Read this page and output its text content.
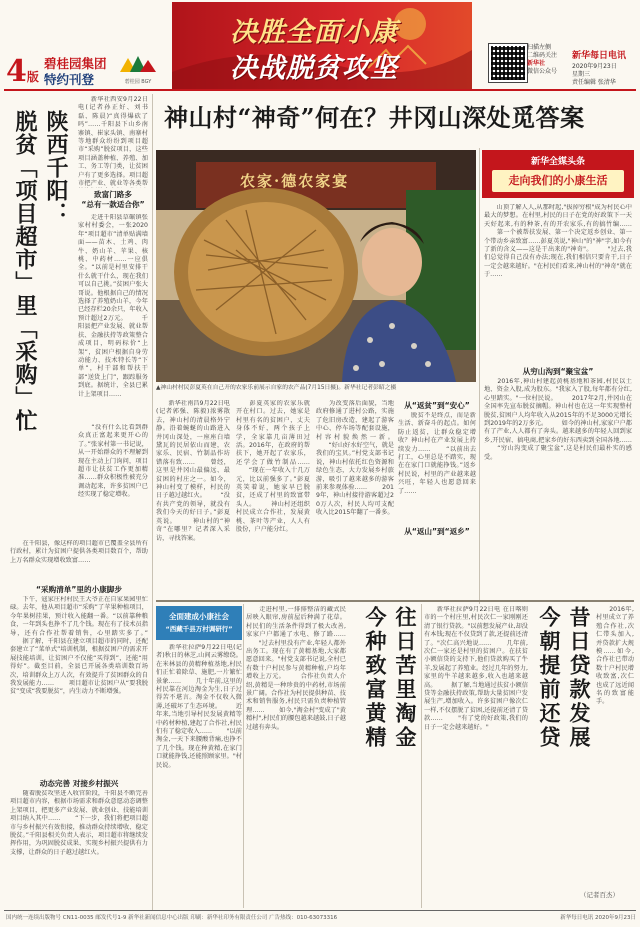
4版
碧桂园集团
特约刊登	碧桂园 BGY
决胜全面小康
决战脱贫攻坚
扫描左侧
二维码关注
新华社
微信公众号
新华每日电讯
2020年9月23日
星期三
责任编辑 张清华
陕西千阳：
脱贫「项目超市」里「采购」忙
　　新华社西安9月22日电(记者孙正好、刘书磊、陈晨)“真得爆砍了吗”……千阳县下山乡南寨镇、崔家头镇、南寨村等地群众纷纷到项目超市“采购”脱贫项目，这些项目涵盖种植、养殖、加工、务工等门类，让贫困户有了更多选择。项目超市把产业、就业等各类帮
致富门路多
“总有一款适合你”
　　走进千阳县草碾镇张家村村委会，一张2020年“项目超市”清单贴满墙面——苗木、土鸡、肉牛、奶山羊、苹果、核桃、中药材……一应俱全。“以前是村里安排干什么就干什么，现在我们可以自己挑。”贫困户张大哥说。他根据自己的情况选择了养殖奶山羊，今年已经存栏20余只，年收入预计超过2万元。 　　千阳县把产业发展、就业帮扶、金融扶持等政策整合成项目，明码标价“上架”，贫困户根据自身劳动能力、技术特长等“下单”，村干部和帮扶干部“送货上门”，跟踪服务到底。据统计，全县已累计上架项目……
　　“没有什么比看到群众真正富起来更开心的了。”张家村第一书记说，从一开始群众的不理解到现在主动上门询问，项目超市让扶贫工作更加精准……群众积极性被充分调动起来，许多贫困户已经实现了稳定增收。
　　在千阳县，像这样的项目超市已覆盖全县所有行政村，累计为贫困户提供各类项目数百个，帮助上万名群众实现增收致富……
“采购清单”里的小康脚步
　　下午，寇家庄村村民王大爷正在自家果园里忙碌。去年，他从项目超市“采购”了苹果种植项目，今年果树挂果，预计收入能翻一番。“以前靠种粮食，一年到头也挣不了几个钱。现在有了技术员指导，还有合作社帮着销售，心里踏实多了。” 　　据了解，千阳县在建立项目超市的同时，还配套建立了“菜单式”培训机制，根据贫困户的需求开展技能培训，让贫困户不仅能“买得到”，还能“用得好”。截至目前，全县已开展各类培训数百场次，培训群众上万人次，有效提升了贫困群众的自我发展能力…… 　　项目超市让贫困户从“要我脱贫”变成“我要脱贫”，内生动力不断增强。
动态完善 对接乡村振兴
　　随着脱贫攻坚进入收官阶段，千阳县不断完善项目超市内容，根据市场需求和群众意愿动态调整上架项目，把更多产业发展、就业创业、技能培训项目纳入其中…… 　　“下一步，我们将把项目超市与乡村振兴有效衔接，推动群众持续增收、稳定脱贫。”千阳县相关负责人表示，项目超市将继续发挥作用，为巩固脱贫成果、实现乡村振兴提供有力支撑，让群众的日子越过越红火。
神山村“神奇”何在？井冈山深处觅答案
农家·德农家宴
▲神山村村民彭夏英在自己开的农家乐前展示自家的农产品(7月15日摄)。新华社记者彭昭之摄
　　新华社南昌9月22日电(记者郭强、陈毅)浓雾散去，神山村的清晨格外宁静。沿着蜿蜒的山路进入井冈山深处，一座座白墙黛瓦的民居依山而建，农家乐、民宿、竹制品作坊错落有致…… 　　曾经，这里是井冈山最偏远、最贫困的村庄之一。如今，神山村变了模样，村民的日子越过越红火。 　　“没有共产党的领导，就没有我们今天的好日子。”彭夏英说。 　　神山村的“神奇”在哪里？记者深入采访，寻找答案。
　　彭夏英家的农家乐就开在村口。过去，她家是村里有名的贫困户，丈夫身体不好，两个孩子上学，全家靠几亩薄田过活。2016年，在政府的帮扶下，她开起了农家乐，还学会了做竹制品…… 　　“现在一年收入十几万元，比以前强多了。”彭夏英笑着说，她家早已脱贫，还成了村里的致富带头人。 　　神山村还组织村民成立合作社，发展黄桃、茶叶等产业，人人有股份，户户能分红。
　　为改变落后面貌，当地政府修通了进村公路，实施了危旧房改造，建起了游客中心、停车场等配套设施，村容村貌焕然一新。 　　“好山好水好空气，就是我们的宝贝。”村党支部书记说，神山村依托红色资源和绿色生态，大力发展乡村旅游，吸引了越来越多的游客前来参观体验…… 　　2019年，神山村接待游客超过20万人次，村民人均可支配收入比2015年翻了一番多。
从“返贫”到“安心”
　　脱贫不是终点，而是新生活、新奋斗的起点。如何防止返贫，让群众稳定增收？神山村在产业发展上持续发力…… 　　“以前出去打工，心里总是不踏实，现在在家门口就能挣钱。”返乡村民说，村里的产业越来越兴旺，年轻人也愿意回来了……
从“返山”到“返乡”
新华全媒头条
走向我们的小康生活
　　山顶了解人人,从那时起,"拔掉穷根"成为村民心中最大的梦想。在村里,村民的日子在党的好政策下一天天好起来,有的种茶,有的开农家乐,有的搞竹编…… 　　第一个被帮扶发展、第一个决定返乡创业、第一个带动乡亲致富……彭夏英说,"神山"的"神"字,如今有了新的含义——这是干出来的"神奇"。 　　"过去,我们总觉得自己没有办法;现在,我们相信只要肯干,日子一定会越来越好。"在村民们看来,神山村的"神奇"就在于……
从穷山沟到“聚宝盆”
　　2016年,神山村建起黄桃基地和茶园,村民以土地、资金入股,成为股东。"我家入了股,每年都有分红,心里踏实。"一位村民说。 　　2017年2月,井冈山在全国率先宣布脱贫摘帽。神山村也在这一年实现整村脱贫,贫困户人均年收入从2015年的不足3000元增长到2019年的2万多元。 　　如今的神山村,家家户户都有了产业,人人都有了奔头。越来越多的年轻人回到家乡,开民宿、搞电商,把家乡的好东西卖到全国各地…… 　　“穷山沟变成了聚宝盆”,这是村民们最朴实的感受。
全面建成小康社会
“西藏千县万村调研行”
　　新华社拉萨9月22日电(记者)秋日的林芝,山间云雾缭绕。在米林县的黄精种植基地,村民们正忙着除草、施肥,一片繁忙景象…… 　　几十年前,这里的村民靠在河边淘金为生,日子过得苦不堪言。淘金不仅收入微薄,还破坏了生态环境。 　　近年来,当地引导村民发展黄精等中药材种植,建起了合作社,村民们有了稳定收入…… 　　"以前淘金,一天下来腰酸背痛,也挣不了几个钱。现在种黄精,在家门口就能挣钱,还能照顾家里。"村民说。
　　走进村里,一排排整洁的藏式民居映入眼帘,房前屋后种满了花草。村民们的生活条件得到了极大改善,家家户户都通了水电、修了路…… 　　"过去村里没有产业,年轻人都外出务工。现在有了黄精基地,大家都愿意回来。"村党支部书记说,全村已有数十户村民参与黄精种植,户均年增收上万元。 　　合作社负责人介绍,黄精是一种珍贵的中药材,市场前景广阔。合作社为村民提供种苗、技术和销售服务,村民只需负责种植管理…… 　　如今,"淘金村"变成了"黄精村",村民们的腰包越来越鼓,日子越过越有奔头。	往日苦里淘金
今种致富黄精	　　新华社拉萨9月22日电 在日喀则市的一个村庄里,村民次仁一家刚刚还清了银行贷款。"以前想发展产业,却没有本钱;现在不仅贷到了款,还提前还清了。"次仁高兴地说…… 　　几年前,次仁一家还是村里的贫困户。在扶贫小额信贷的支持下,他们贷款购买了牛羊,发展起了养殖业。经过几年的努力,家里的牛羊越来越多,收入也越来越高。 　　据了解,当地通过扶贫小额信贷等金融扶持政策,帮助大量贫困户发展生产,增加收入。许多贫困户像次仁一样,不仅摆脱了贫困,还提前还清了贷款…… 　　"有了党的好政策,我们的日子一定会越来越好。"	昔日贷款发展
今朝提前还贷	　　2016年,村里成立了养殖合作社,次仁带头加入,并贷款扩大规模……如今,合作社已带动数十户村民增收致富,次仁也成了远近闻名的致富能手。
（记者百杰）
国内统一连续出版物号 CN11-0035 邮发代号1-9 新华社新闻信息中心出版 印刷：新华社印务有限责任公司 广告热线：010-63073316	新华每日电讯 2020年9月23日
